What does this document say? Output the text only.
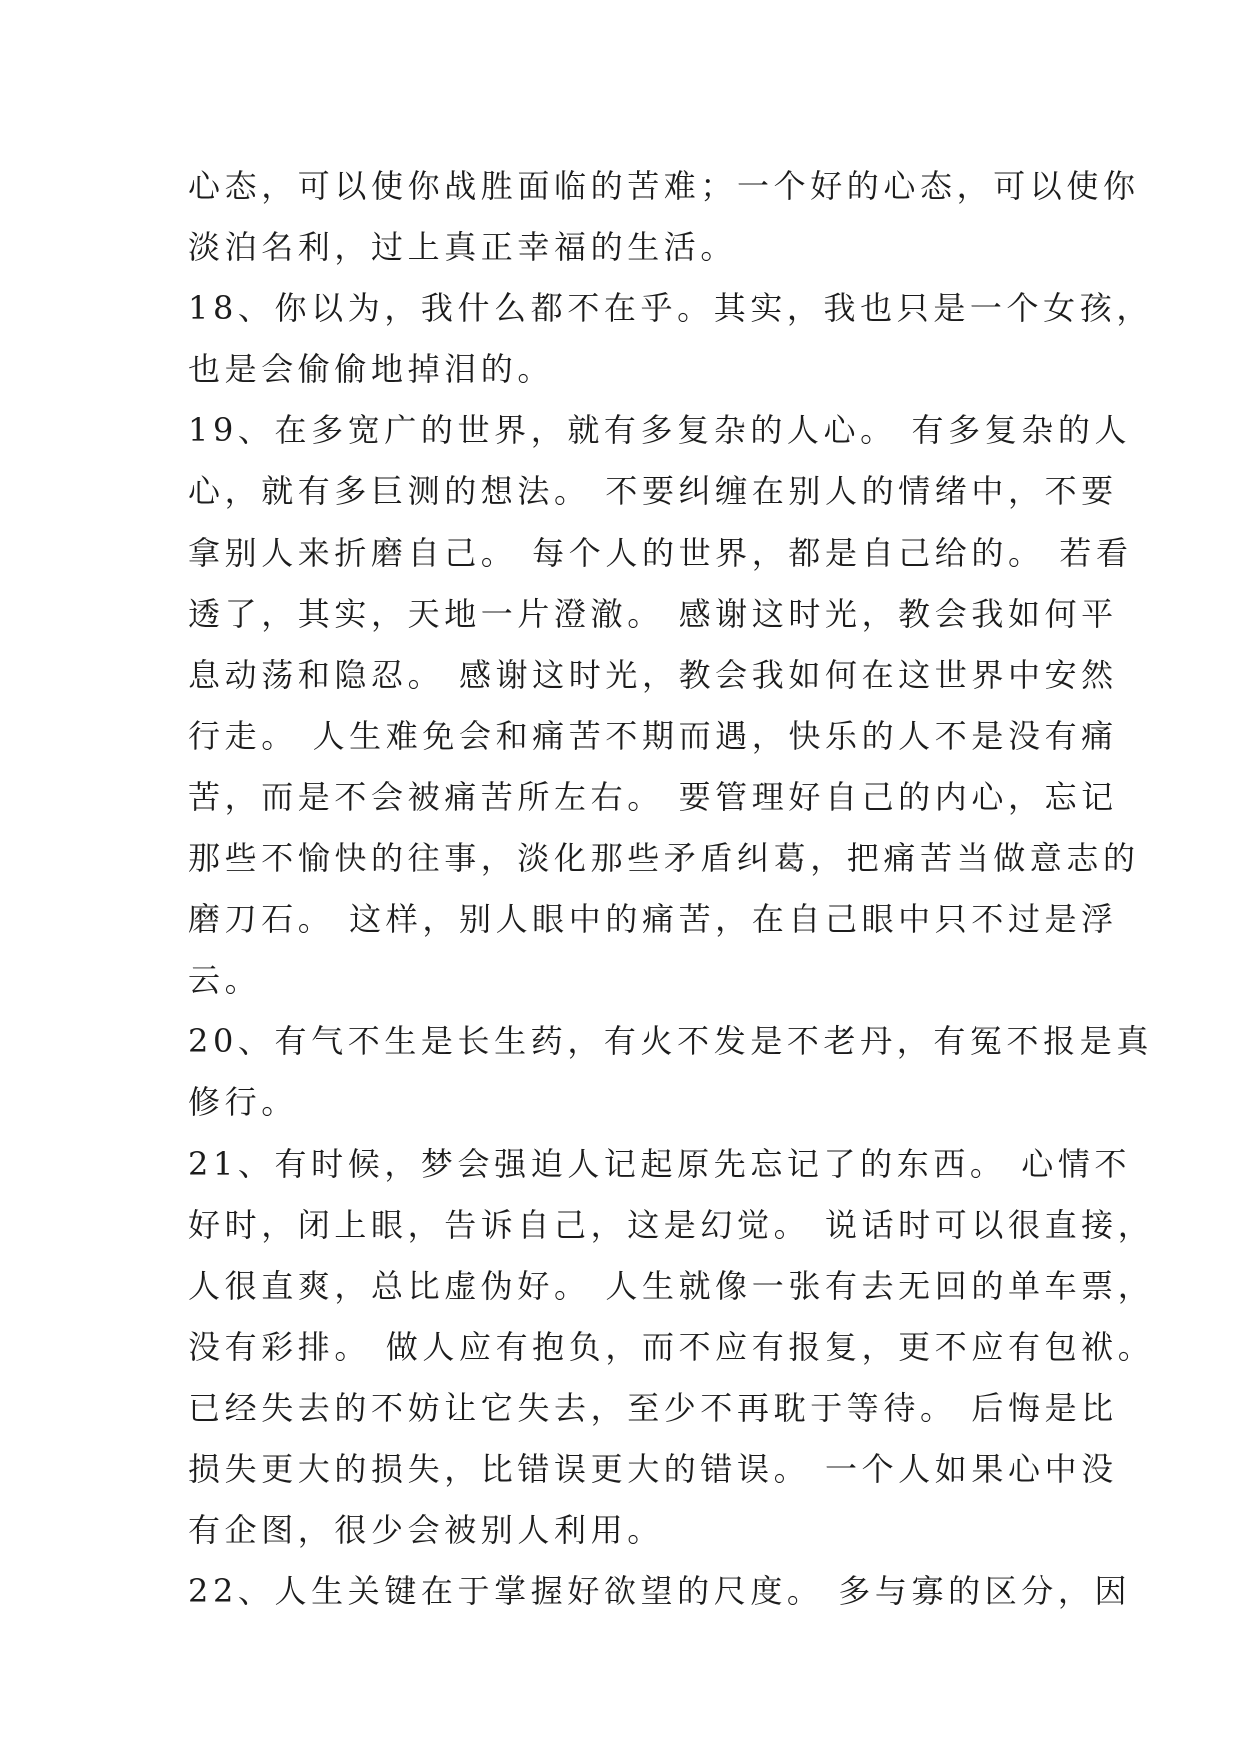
心态，可以使你战胜面临的苦难；一个好的心态，可以使你
淡泊名利，过上真正幸福的生活。
18、你以为，我什么都不在乎。其实，我也只是一个女孩，
也是会偷偷地掉泪的。
19、在多宽广的世界，就有多复杂的人心。 有多复杂的人
心，就有多巨测的想法。 不要纠缠在别人的情绪中，不要
拿别人来折磨自己。 每个人的世界，都是自己给的。 若看
透了，其实，天地一片澄澈。 感谢这时光，教会我如何平
息动荡和隐忍。 感谢这时光，教会我如何在这世界中安然
行走。 人生难免会和痛苦不期而遇，快乐的人不是没有痛
苦，而是不会被痛苦所左右。 要管理好自己的内心，忘记
那些不愉快的往事，淡化那些矛盾纠葛，把痛苦当做意志的
磨刀石。 这样，别人眼中的痛苦，在自己眼中只不过是浮
云。
20、有气不生是长生药，有火不发是不老丹，有冤不报是真
修行。
21、有时候，梦会强迫人记起原先忘记了的东西。 心情不
好时，闭上眼，告诉自己，这是幻觉。 说话时可以很直接，
人很直爽，总比虚伪好。 人生就像一张有去无回的单车票，
没有彩排。 做人应有抱负，而不应有报复，更不应有包袱。
已经失去的不妨让它失去，至少不再耽于等待。 后悔是比
损失更大的损失，比错误更大的错误。 一个人如果心中没
有企图，很少会被别人利用。
22、人生关键在于掌握好欲望的尺度。 多与寡的区分，因
